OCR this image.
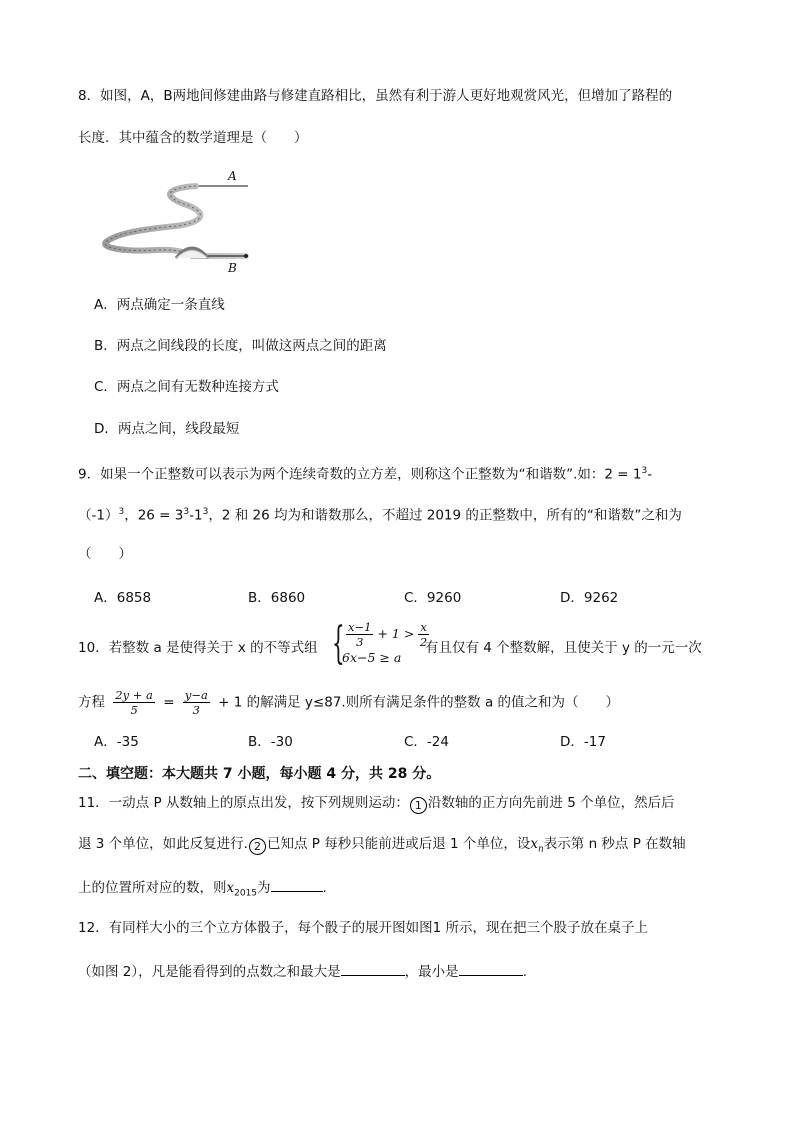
8．如图，A，B两地间修建曲路与修建直路相比，虽然有利于游人更好地观赏风光，但增加了路程的
长度．其中蕴含的数学道理是（　　）
A
B
A．两点确定一条直线
B．两点之间线段的长度，叫做这两点之间的距离
C．两点之间有无数种连接方式
D．两点之间，线段最短
9．如果一个正整数可以表示为两个连续奇数的立方差，则称这个正整数为“和谐数”.如：$2 = 1^3-$
$(-1)^3$，$26 = 3^3-1^3$，2 和 26 均为和谐数那么，不超过 2019 的正整数中，所有的“和谐数”之和为
（　　）
A．6858	B．6860	C．9260	D．9262
10．若整数 a 是使得关于 x 的不等式组 { $\frac{x-1}{3} + 1 > \frac{x}{2}$
6x−5 ≥ a
有且仅有 4 个整数解，且使关于 y 的一元一次
方程 $\frac{2y + a}{5} = \frac{y-a}{3} + 1$ 的解满足 y≤87.则所有满足条件的整数 a 的值之和为（　　）
A．-35	B．-30	C．-24	D．-17
二、填空题：本大题共 7 小题，每小题 4 分，共 28 分。
11．一动点 P 从数轴上的原点出发，按下列规则运动： 1 沿数轴的正方向先前进 5 个单位，然后后
退 3 个单位，如此反复进行. 2 已知点 P 每秒只能前进或后退 1 个单位，设$x_n$表示第 n 秒点 P 在数轴
上的位置所对应的数，则$x_{2015}$为	.
12．有同样大小的三个立方体骰子，每个骰子的展开图如图1 所示，现在把三个股子放在桌子上
（如图 2），凡是能看得到的点数之和最大是	，最小是	.
